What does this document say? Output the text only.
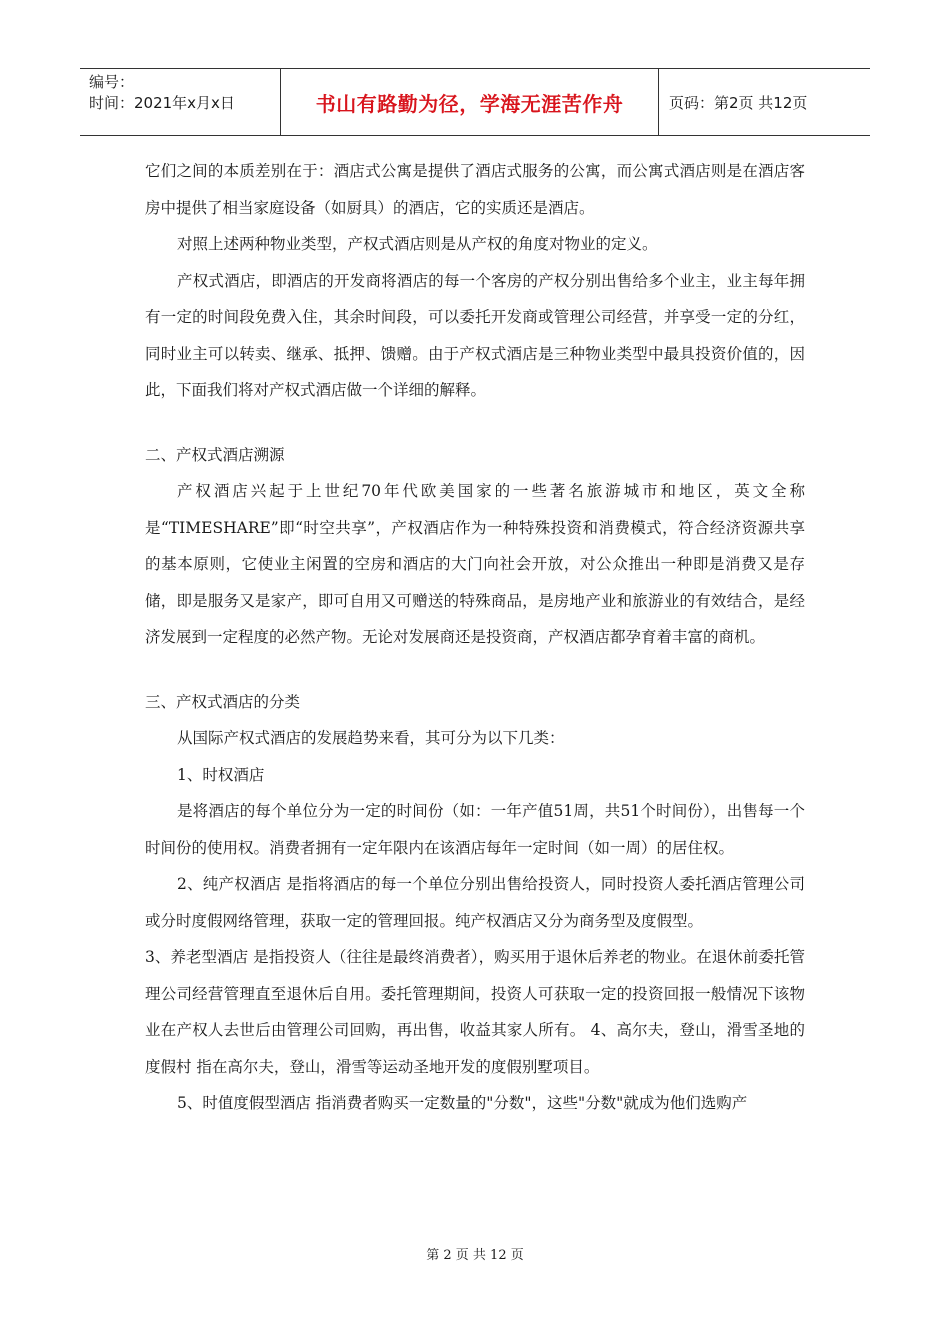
编号：
时间：2021年x月x日	书山有路勤为径，学海无涯苦作舟	页码：第2页 共12页

它们之间的本质差别在于：酒店式公寓是提供了酒店式服务的公寓，而公寓式酒店则是在酒店客房中提供了相当家庭设备（如厨具）的酒店，它的实质还是酒店。

对照上述两种物业类型，产权式酒店则是从产权的角度对物业的定义。

产权式酒店，即酒店的开发商将酒店的每一个客房的产权分别出售给多个业主，业主每年拥有一定的时间段免费入住，其余时间段，可以委托开发商或管理公司经营，并享受一定的分红，同时业主可以转卖、继承、抵押、馈赠。由于产权式酒店是三种物业类型中最具投资价值的，因此，下面我们将对产权式酒店做一个详细的解释。

二、产权式酒店溯源

产权酒店兴起于上世纪70年代欧美国家的一些著名旅游城市和地区，英文全称是“TIMESHARE”即“时空共享”，产权酒店作为一种特殊投资和消费模式，符合经济资源共享的基本原则，它使业主闲置的空房和酒店的大门向社会开放，对公众推出一种即是消费又是存储，即是服务又是家产，即可自用又可赠送的特殊商品，是房地产业和旅游业的有效结合，是经济发展到一定程度的必然产物。无论对发展商还是投资商，产权酒店都孕育着丰富的商机。

三、产权式酒店的分类

从国际产权式酒店的发展趋势来看，其可分为以下几类：

1、时权酒店

是将酒店的每个单位分为一定的时间份（如：一年产值51周，共51个时间份），出售每一个时间份的使用权。消费者拥有一定年限内在该酒店每年一定时间（如一周）的居住权。

2、纯产权酒店 是指将酒店的每一个单位分别出售给投资人，同时投资人委托酒店管理公司或分时度假网络管理，获取一定的管理回报。纯产权酒店又分为商务型及度假型。

3、养老型酒店 是指投资人（往往是最终消费者），购买用于退休后养老的物业。在退休前委托管理公司经营管理直至退休后自用。委托管理期间，投资人可获取一定的投资回报一般情况下该物业在产权人去世后由管理公司回购，再出售，收益其家人所有。 4、高尔夫，登山，滑雪圣地的度假村 指在高尔夫，登山，滑雪等运动圣地开发的度假别墅项目。

5、时值度假型酒店 指消费者购买一定数量的"分数"，这些"分数"就成为他们选购产

第 2 页 共 12 页
